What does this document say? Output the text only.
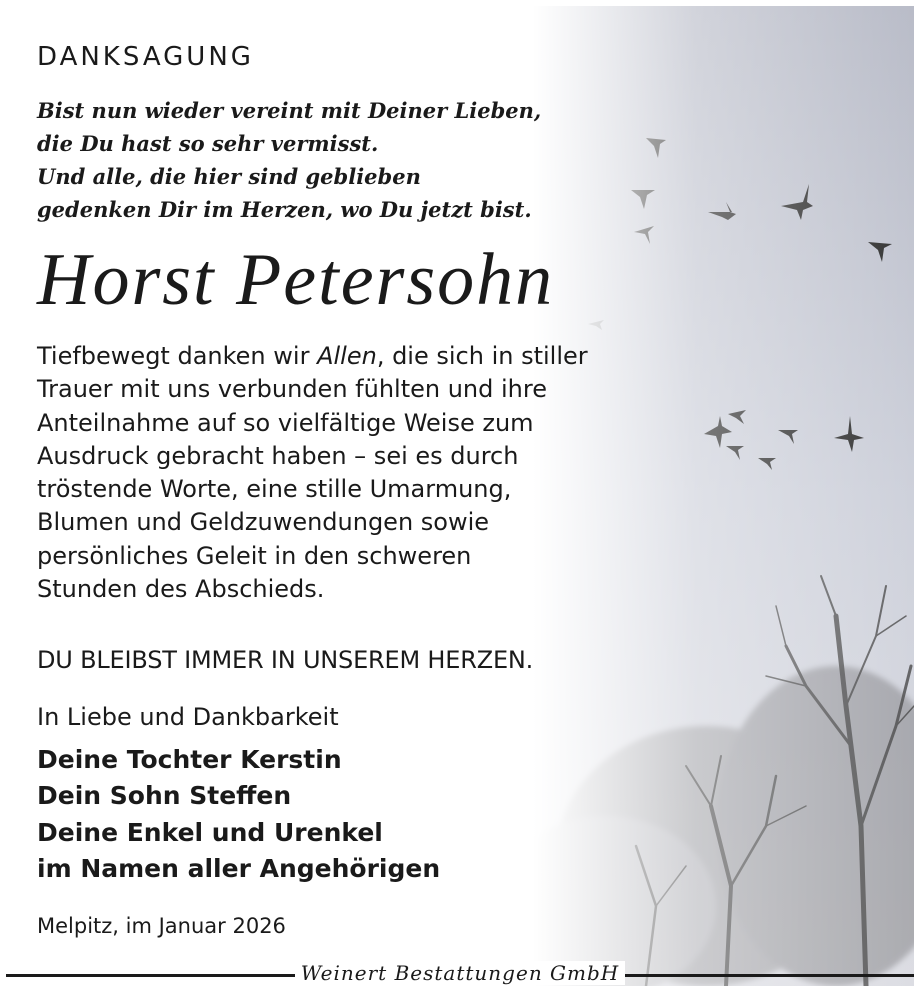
DANKSAGUNG
Bist nun wieder vereint mit Deiner Lieben,
die Du hast so sehr vermisst.
Und alle, die hier sind geblieben
gedenken Dir im Herzen, wo Du jetzt bist.
Horst Petersohn

Tiefbewegt danken wir Allen, die sich in stiller
Trauer mit uns verbunden fühlten und ihre
Anteilnahme auf so vielfältige Weise zum
Ausdruck gebracht haben – sei es durch
tröstende Worte, eine stille Umarmung,
Blumen und Geldzuwendungen sowie
persönliches Geleit in den schweren
Stunden des Abschieds.

DU BLEIBST IMMER IN UNSEREM HERZEN.

In Liebe und Dankbarkeit

Deine Tochter Kerstin
Dein Sohn Steffen
Deine Enkel und Urenkel
im Namen aller Angehörigen

Melpitz, im Januar 2026

Weinert Bestattungen GmbH
